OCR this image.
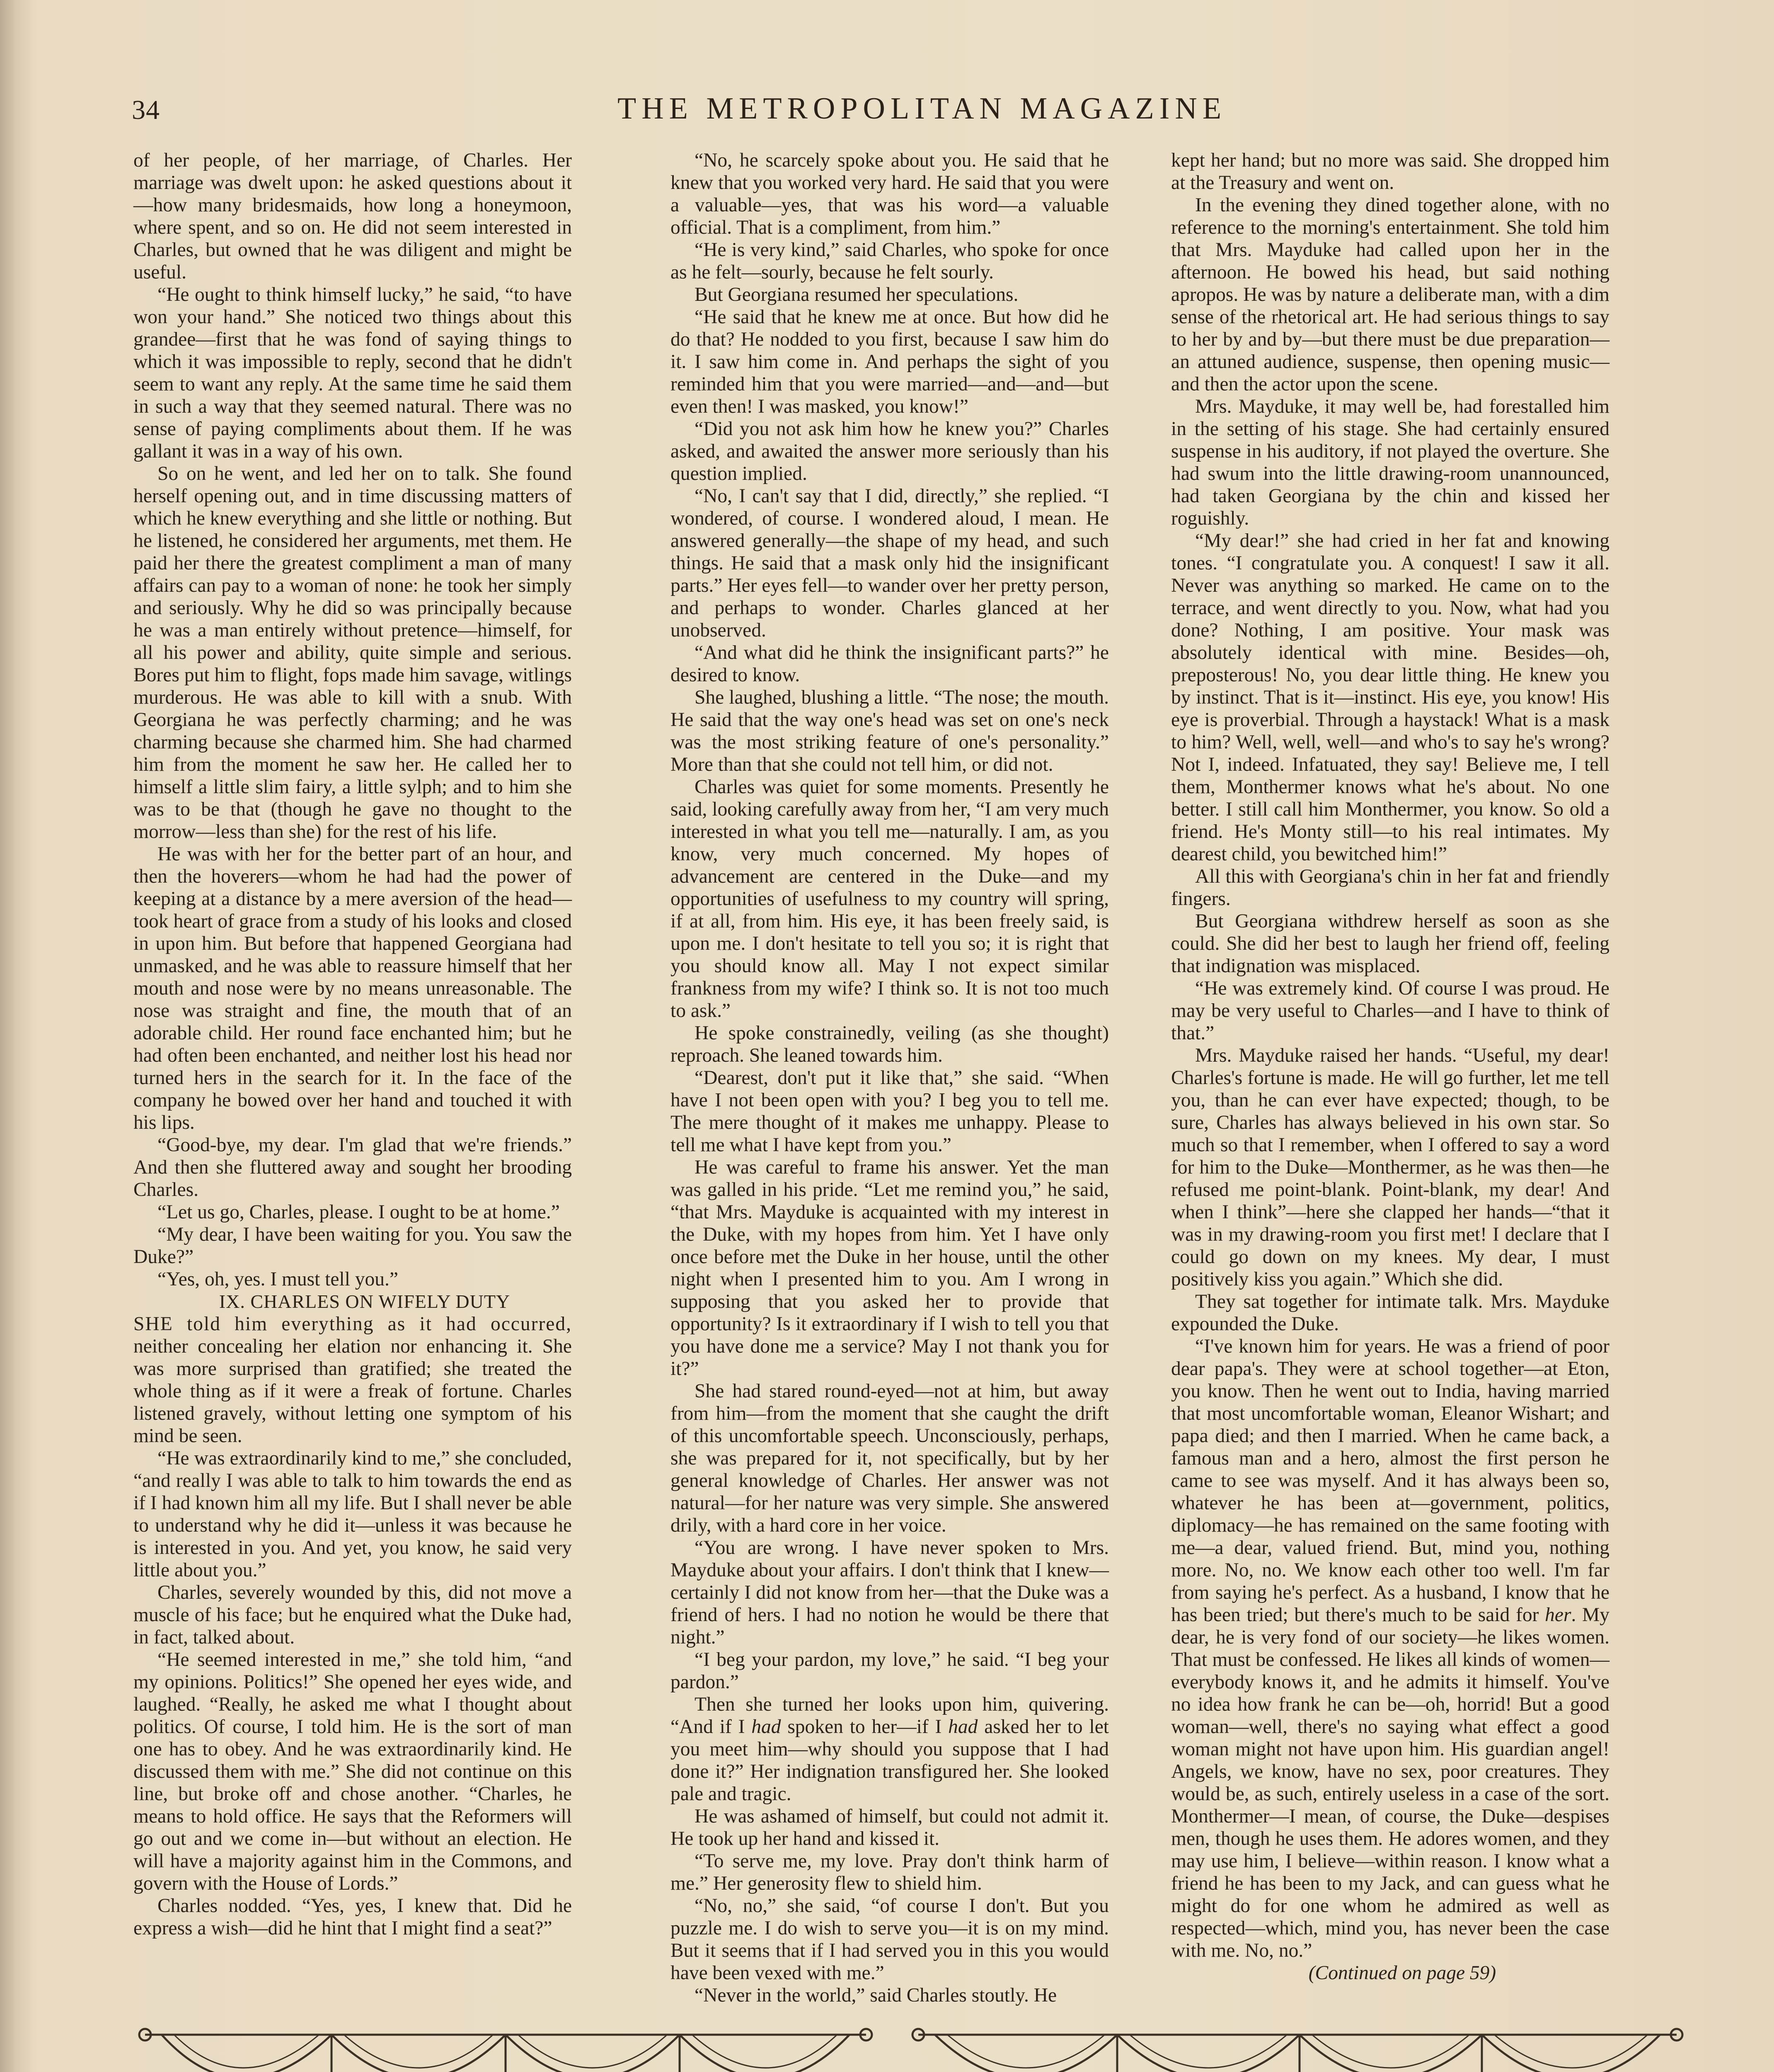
34	THE METROPOLITAN MAGAZINE

of her people, of her marriage, of Charles. Her marriage was dwelt upon: he asked questions about it—how many bridesmaids, how long a honeymoon, where spent, and so on. He did not seem interested in Charles, but owned that he was diligent and might be useful.

“He ought to think himself lucky,” he said, “to have won your hand.” She noticed two things about this grandee—first that he was fond of saying things to which it was impossible to reply, second that he didn't seem to want any reply. At the same time he said them in such a way that they seemed natural. There was no sense of paying compliments about them. If he was gallant it was in a way of his own.

So on he went, and led her on to talk. She found herself opening out, and in time discussing matters of which he knew everything and she little or nothing. But he listened, he considered her arguments, met them. He paid her there the greatest compliment a man of many affairs can pay to a woman of none: he took her simply and seriously. Why he did so was principally because he was a man entirely without pretence—himself, for all his power and ability, quite simple and serious. Bores put him to flight, fops made him savage, witlings murderous. He was able to kill with a snub. With Georgiana he was perfectly charming; and he was charming because she charmed him. She had charmed him from the moment he saw her. He called her to himself a little slim fairy, a little sylph; and to him she was to be that (though he gave no thought to the morrow—less than she) for the rest of his life.

He was with her for the better part of an hour, and then the hoverers—whom he had had the power of keeping at a distance by a mere aversion of the head—took heart of grace from a study of his looks and closed in upon him. But before that happened Georgiana had unmasked, and he was able to reassure himself that her mouth and nose were by no means unreasonable. The nose was straight and fine, the mouth that of an adorable child. Her round face enchanted him; but he had often been enchanted, and neither lost his head nor turned hers in the search for it. In the face of the company he bowed over her hand and touched it with his lips.

“Good-bye, my dear. I'm glad that we're friends.” And then she fluttered away and sought her brooding Charles.

“Let us go, Charles, please. I ought to be at home.”

“My dear, I have been waiting for you. You saw the Duke?”

“Yes, oh, yes. I must tell you.”

IX. CHARLES ON WIFELY DUTY

SHE told him everything as it had occurred, neither concealing her elation nor enhancing it. She was more surprised than gratified; she treated the whole thing as if it were a freak of fortune. Charles listened gravely, without letting one symptom of his mind be seen.

“He was extraordinarily kind to me,” she concluded, “and really I was able to talk to him towards the end as if I had known him all my life. But I shall never be able to understand why he did it—unless it was because he is interested in you. And yet, you know, he said very little about you.”

Charles, severely wounded by this, did not move a muscle of his face; but he enquired what the Duke had, in fact, talked about.

“He seemed interested in me,” she told him, “and my opinions. Politics!” She opened her eyes wide, and laughed. “Really, he asked me what I thought about politics. Of course, I told him. He is the sort of man one has to obey. And he was extraordinarily kind. He discussed them with me.” She did not continue on this line, but broke off and chose another. “Charles, he means to hold office. He says that the Reformers will go out and we come in—but without an election. He will have a majority against him in the Commons, and govern with the House of Lords.”

Charles nodded. “Yes, yes, I knew that. Did he express a wish—did he hint that I might find a seat?”

“No, he scarcely spoke about you. He said that he knew that you worked very hard. He said that you were a valuable—yes, that was his word—a valuable official. That is a compliment, from him.”

“He is very kind,” said Charles, who spoke for once as he felt—sourly, because he felt sourly.

But Georgiana resumed her speculations.

“He said that he knew me at once. But how did he do that? He nodded to you first, because I saw him do it. I saw him come in. And perhaps the sight of you reminded him that you were married—and—and—but even then! I was masked, you know!”

“Did you not ask him how he knew you?” Charles asked, and awaited the answer more seriously than his question implied.

“No, I can't say that I did, directly,” she replied. “I wondered, of course. I wondered aloud, I mean. He answered generally—the shape of my head, and such things. He said that a mask only hid the insignificant parts.” Her eyes fell—to wander over her pretty person, and perhaps to wonder. Charles glanced at her unobserved.

“And what did he think the insignificant parts?” he desired to know.

She laughed, blushing a little. “The nose; the mouth. He said that the way one's head was set on one's neck was the most striking feature of one's personality.” More than that she could not tell him, or did not.

Charles was quiet for some moments. Presently he said, looking carefully away from her, “I am very much interested in what you tell me—naturally. I am, as you know, very much concerned. My hopes of advancement are centered in the Duke—and my opportunities of usefulness to my country will spring, if at all, from him. His eye, it has been freely said, is upon me. I don't hesitate to tell you so; it is right that you should know all. May I not expect similar frankness from my wife? I think so. It is not too much to ask.”

He spoke constrainedly, veiling (as she thought) reproach. She leaned towards him.

“Dearest, don't put it like that,” she said. “When have I not been open with you? I beg you to tell me. The mere thought of it makes me unhappy. Please to tell me what I have kept from you.”

He was careful to frame his answer. Yet the man was galled in his pride. “Let me remind you,” he said, “that Mrs. Mayduke is acquainted with my interest in the Duke, with my hopes from him. Yet I have only once before met the Duke in her house, until the other night when I presented him to you. Am I wrong in supposing that you asked her to provide that opportunity? Is it extraordinary if I wish to tell you that you have done me a service? May I not thank you for it?”

She had stared round-eyed—not at him, but away from him—from the moment that she caught the drift of this uncomfortable speech. Unconsciously, perhaps, she was prepared for it, not specifically, but by her general knowledge of Charles. Her answer was not natural—for her nature was very simple. She answered drily, with a hard core in her voice.

“You are wrong. I have never spoken to Mrs. Mayduke about your affairs. I don't think that I knew—certainly I did not know from her—that the Duke was a friend of hers. I had no notion he would be there that night.”

“I beg your pardon, my love,” he said. “I beg your pardon.”

Then she turned her looks upon him, quivering. “And if I had spoken to her—if I had asked her to let you meet him—why should you suppose that I had done it?” Her indignation transfigured her. She looked pale and tragic.

He was ashamed of himself, but could not admit it. He took up her hand and kissed it.

“To serve me, my love. Pray don't think harm of me.” Her generosity flew to shield him.

“No, no,” she said, “of course I don't. But you puzzle me. I do wish to serve you—it is on my mind. But it seems that if I had served you in this you would have been vexed with me.”

“Never in the world,” said Charles stoutly. He

kept her hand; but no more was said. She dropped him at the Treasury and went on.

In the evening they dined together alone, with no reference to the morning's entertainment. She told him that Mrs. Mayduke had called upon her in the afternoon. He bowed his head, but said nothing apropos. He was by nature a deliberate man, with a dim sense of the rhetorical art. He had serious things to say to her by and by—but there must be due preparation—an attuned audience, suspense, then opening music—and then the actor upon the scene.

Mrs. Mayduke, it may well be, had forestalled him in the setting of his stage. She had certainly ensured suspense in his auditory, if not played the overture. She had swum into the little drawing-room unannounced, had taken Georgiana by the chin and kissed her roguishly.

“My dear!” she had cried in her fat and knowing tones. “I congratulate you. A conquest! I saw it all. Never was anything so marked. He came on to the terrace, and went directly to you. Now, what had you done? Nothing, I am positive. Your mask was absolutely identical with mine. Besides—oh, preposterous! No, you dear little thing. He knew you by instinct. That is it—instinct. His eye, you know! His eye is proverbial. Through a haystack! What is a mask to him? Well, well, well—and who's to say he's wrong? Not I, indeed. Infatuated, they say! Believe me, I tell them, Monthermer knows what he's about. No one better. I still call him Monthermer, you know. So old a friend. He's Monty still—to his real intimates. My dearest child, you bewitched him!”

All this with Georgiana's chin in her fat and friendly fingers.

But Georgiana withdrew herself as soon as she could. She did her best to laugh her friend off, feeling that indignation was misplaced.

“He was extremely kind. Of course I was proud. He may be very useful to Charles—and I have to think of that.”

Mrs. Mayduke raised her hands. “Useful, my dear! Charles's fortune is made. He will go further, let me tell you, than he can ever have expected; though, to be sure, Charles has always believed in his own star. So much so that I remember, when I offered to say a word for him to the Duke—Monthermer, as he was then—he refused me point-blank. Point-blank, my dear! And when I think”—here she clapped her hands—“that it was in my drawing-room you first met! I declare that I could go down on my knees. My dear, I must positively kiss you again.” Which she did.

They sat together for intimate talk. Mrs. Mayduke expounded the Duke.

“I've known him for years. He was a friend of poor dear papa's. They were at school together—at Eton, you know. Then he went out to India, having married that most uncomfortable woman, Eleanor Wishart; and papa died; and then I married. When he came back, a famous man and a hero, almost the first person he came to see was myself. And it has always been so, whatever he has been at—government, politics, diplomacy—he has remained on the same footing with me—a dear, valued friend. But, mind you, nothing more. No, no. We know each other too well. I'm far from saying he's perfect. As a husband, I know that he has been tried; but there's much to be said for her. My dear, he is very fond of our society—he likes women. That must be confessed. He likes all kinds of women—everybody knows it, and he admits it himself. You've no idea how frank he can be—oh, horrid! But a good woman—well, there's no saying what effect a good woman might not have upon him. His guardian angel! Angels, we know, have no sex, poor creatures. They would be, as such, entirely useless in a case of the sort. Monthermer—I mean, of course, the Duke—despises men, though he uses them. He adores women, and they may use him, I believe—within reason. I know what a friend he has been to my Jack, and can guess what he might do for one whom he admired as well as respected—which, mind you, has never been the case with me. No, no.”

(Continued on page 59)
